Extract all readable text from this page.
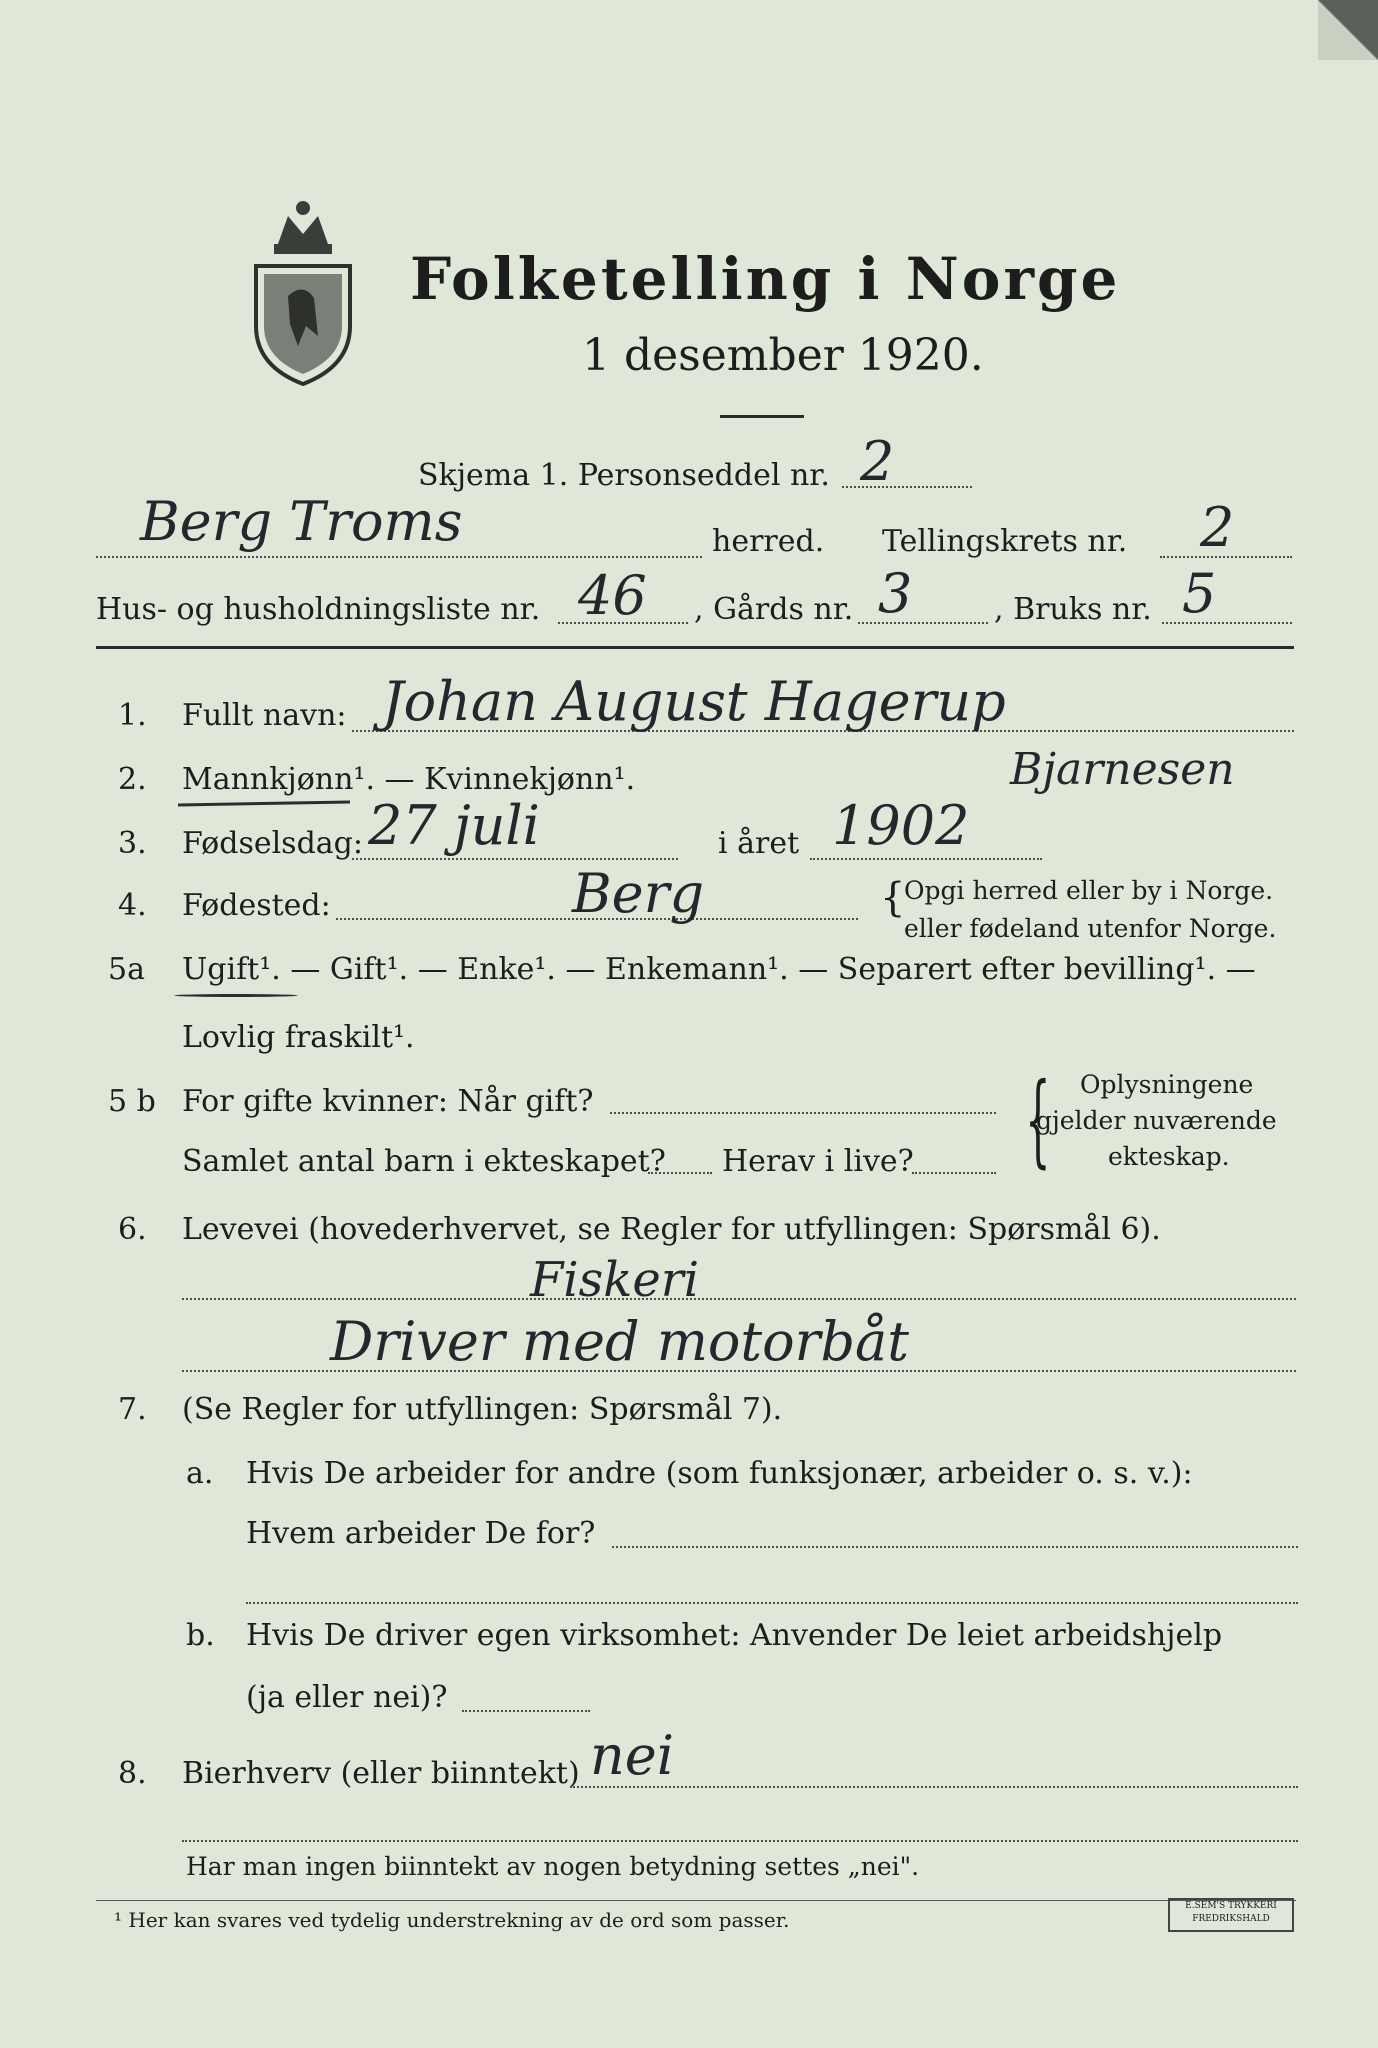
Folketelling i Norge
1 desember 1920.
Skjema 1. Personseddel nr. 2
Berg Troms	herred. Tellingskrets nr. 2
Hus- og husholdningsliste nr. 46 , Gårds nr. 3	, Bruks nr. 5
1. Fullt navn: Johan August Hagerup
Bjarnesen
2. Mannkjønn¹. — Kvinnekjønn¹.
3. Fødselsdag: 27 juli	i året 1902
4. Fødested:	Berg	{
Opgi herred eller by i Norge.
eller fødeland utenfor Norge.
5a Ugift¹. — Gift¹. — Enke¹. — Enkemann¹. — Separert efter bevilling¹. —
Lovlig fraskilt¹.
5 b For gifte kvinner: Når gift?
Samlet antal barn i ekteskapet? Herav i live? { Oplysningene
gjelder nuværende
ekteskap.
6. Levevei (hovederhvervet, se Regler for utfyllingen: Spørsmål 6).
Fiskeri
Driver med motorbåt
7. (Se Regler for utfyllingen: Spørsmål 7).
a. Hvis De arbeider for andre (som funksjonær, arbeider o. s. v.):
Hvem arbeider De for?
b. Hvis De driver egen virksomhet: Anvender De leiet arbeidshjelp
(ja eller nei)?
8. Bierhverv (eller biinntekt) nei
Har man ingen biinntekt av nogen betydning settes „nei".
¹ Her kan svares ved tydelig understrekning av de ord som passer.
E.SEM'S TRYKKERI FREDRIKSHALD
